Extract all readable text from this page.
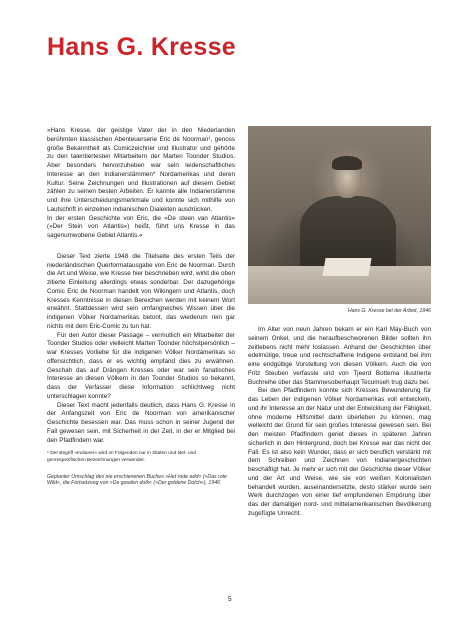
Hans G. Kresse

»Hans Kresse, der geistige Vater der in den Niederlanden berühmten klassischen Abenteuerserie Eric de Noorman¹, genoss große Bekanntheit als Comiczeichner und Illustrator und gehörte zu den talentiertesten Mitarbeitern der Marten Toonder Studios. Aber besonders hervorzuheben war sein leidenschaftliches Interesse an den Indianerstämmen* Nordamerikas und deren Kultur. Seine Zeichnungen und Illustrationen auf diesem Gebiet zählen zu seinen besten Arbeiten. Er kannte alle Indianerstämme und ihre Unterscheidungsmerkmale und konnte sich mithilfe von Lautschrift in einzelnen indianischen Dialekten ausdrücken.

In der ersten Geschichte von Eric, die »De steen van Atlantis« (»Der Stein von Atlantis«) heißt, führt uns Kresse in das sagenumwobene Gebiet Atlantis.«

Dieser Text zierte 1948 die Titelseite des ersten Teils der niederländischen Querformatausgabe von Eric de Noorman. Durch die Art und Weise, wie Kresse hier beschrieben wird, wirkt die oben zitierte Einleitung allerdings etwas sonderbar. Der dazugehörige Comic Eric de Noorman handelt von Wikingern und Atlantis, doch Kresses Kenntnisse in diesen Bereichen werden mit keinem Wort erwähnt. Stattdessen wird sein umfangreiches Wissen über die indigenen Völker Nordamerikas betont, das wiederum rein gar nichts mit dem Eric-Comic zu tun hat.

Für den Autor dieser Passage – vermutlich ein Mitarbeiter der Toonder Studios oder vielleicht Marten Toonder höchstpersönlich – war Kresses Vorliebe für die indigenen Völker Nordamerikas so offensichtlich, dass er es wichtig empfand dies zu erwähnen. Geschah das auf Drängen Kresses oder war sein fanatisches Interesse an diesen Völkern in den Toonder Studios so bekannt, dass der Verfasser diese Information schlichtweg nicht unterschlagen konnte?

Dieser Text macht jedenfalls deutlich, dass Hans G. Kresse in der Anfangszeit von Eric de Noorman von amerikanischer Geschichte besessen war. Das muss schon in seiner Jugend der Fall gewesen sein, mit Sicherheit in der Zeit, in der er Mitglied bei den Pfadfindern war.

* Der Begriff »Indianer« wird im Folgenden nur in Zitaten und titel- und genrespezifischen Bezeichnungen verwendet.

Geplanter Umschlag des nie erschienenen Buches »Het rode wild« (»Das rote Wild«, die Fortsetzung von »De gouden dolk« (»Der goldene Dolch«), 1946

Hans G. Kresse bei der Arbeit, 1946

Im Alter von neun Jahren bekam er ein Karl May-Buch von seinem Onkel, und die heraufbeschworenen Bilder sollten ihn zeitlebens nicht mehr loslassen. Anhand der Geschichten über edelmütige, treue und rechtschaffene Indigene entstand bei ihm eine endgültige Vorstellung von diesen Völkern. Auch die von Fritz Steuben verfasste und von Tjeerd Bottema illustrierte Buchreihe über das Stammesoberhaupt Tecumseh trug dazu bei.

Bei den Pfadfindern konnte sich Kresses Bewunderung für das Leben der indigenen Völker Nordamerikas voll entwickeln, und ihr Interesse an der Natur und der Entwicklung der Fähigkeit, ohne moderne Hilfsmittel darin überleben zu können, mag vielleicht der Grund für sein großes Interesse gewesen sein. Bei den meisten Pfadfindern geriet dieses in späteren Jahren sicherlich in den Hintergrund, doch bei Kresse war das nicht der Fall. Es ist also kein Wunder, dass er sich beruflich verstärkt mit dem Schreiben und Zeichnen von Indianergeschichten beschäftigt hat. Je mehr er sich mit der Geschichte dieser Völker und der Art und Weise, wie sie von weißen Kolonialisten behandelt wurden, auseinandersetzte, desto stärker wurde sein Werk durchzogen von einer tief empfundenen Empörung über das der damaligen nord- und mittelamerikanischen Bevölkerung zugefügte Unrecht.

5
